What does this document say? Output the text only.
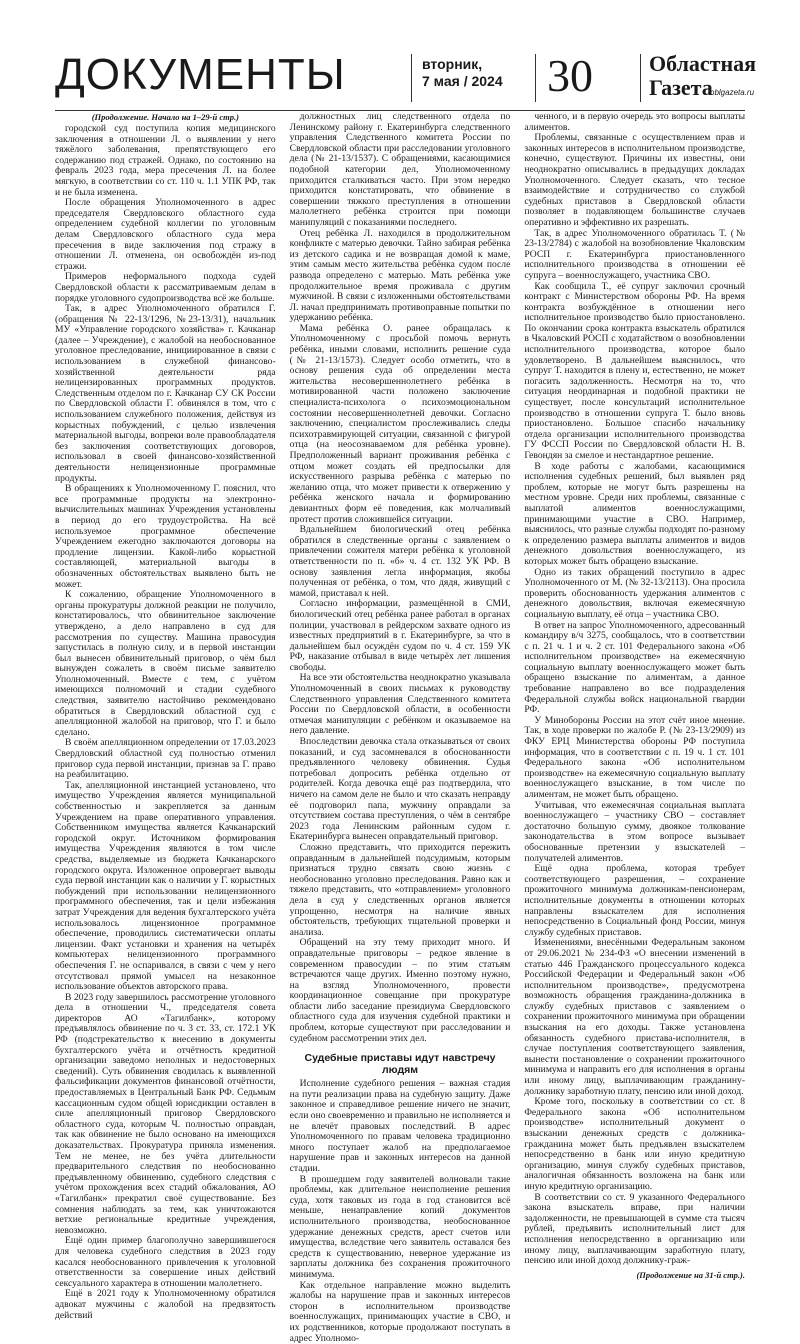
ДОКУМЕНТЫ	вторник,
7 мая / 2024 30	Областная
Газета
oblgazeta.ru
(Продолжение. Начало на 1–29-й стр.)

городской суд поступила копия медицинского заключения в отношении Л. о выявлении у него тяжёлого заболевания, препятствующего его содержанию под стражей. Однако, по состоянию на февраль 2023 года, мера пресечения Л. на более мягкую, в соответствии со ст. 110 ч. 1.1 УПК РФ, так и не была изменена.

После обращения Уполномоченного в адрес председателя Свердловского областного суда определением судебной коллегии по уголовным делам Свердловского областного суда мера пресечения в виде заключения под стражу в отношении Л. отменена, он освобождён из-под стражи.

Примеров неформального подхода судей Свердловской области к рассматриваемым делам в порядке уголовного судопроизводства всё же больше.

Так, в адрес Уполномоченного обратился Г. (обращения № 22-13/1296, №23-13/31), начальник МУ «Управление городского хозяйства» г. Качканар (далее – Учреждение), с жалобой на необоснованное уголовное преследование, инициированное в связи с использованием в служебной финансово-хозяйственной деятельности ряда нелицензированных программных продуктов. Следственным отделом по г. Качканар СУ СК России по Свердловской области Г. обвинялся в том, что с использованием служебного положения, действуя из корыстных побуждений, с целью извлечения материальной выгоды, вопреки воле правообладателя без заключения соответствующих договоров, использовал в своей финансово-хозяйственной деятельности нелицензионные программные продукты.

В обращениях к Уполномоченному Г. пояснил, что все программные продукты на электронно-вычислительных машинах Учреждения установлены в период до его трудоустройства. На всё используемое программное обеспечение Учреждением ежегодно заключаются договоры на продление лицензии. Какой-либо корыстной составляющей, материальной выгоды в обозначенных обстоятельствах выявлено быть не может.

К сожалению, обращение Уполномоченного в органы прокуратуры должной реакции не получило, констатировалось, что обвинительное заключение утверждено, а дело направлено в суд для рассмотрения по существу. Машина правосудия запустилась в полную силу, и в первой инстанции был вынесен обвинительный приговор, о чём был вынужден сожалеть в своём письме заявителю Уполномоченный. Вместе с тем, с учётом имеющихся полномочий и стадии судебного следствия, заявителю настойчиво рекомендовано обратиться в Свердловский областной суд с апелляционной жалобой на приговор, что Г. и было сделано.

В своём апелляционном определении от 17.03.2023 Свердловский областной суд полностью отменил приговор суда первой инстанции, признав за Г. право на реабилитацию.

Так, апелляционной инстанцией установлено, что имущество Учреждения является муниципальной собственностью и закрепляется за данным Учреждением на праве оперативного управления. Собственником имущества является Качканарский городской округ. Источником формирования имущества Учреждения являются в том числе средства, выделяемые из бюджета Качканарского городского округа. Изложенное опровергает выводы суда первой инстанции как о наличии у Г. корыстных побуждений при использовании нелицензионного программного обеспечения, так и цели избежания затрат Учреждения для ведения бухгалтерского учёта использовалось лицензионное программное обеспечение, проводились систематически оплаты лицензии. Факт установки и хранения на четырёх компьютерах нелицензионного программного обеспечения Г. не оспаривался, в связи с чем у него отсутствовал прямой умысел на незаконное использование объектов авторского права.

В 2023 году завершилось рассмотрение уголовного дела в отношении Ч., председателя совета директоров АО «Тагилбанк», которому предъявлялось обвинение по ч. 3 ст. 33, ст. 172.1 УК РФ (подстрекательство к внесению в документы бухгалтерского учёта и отчётность кредитной организации заведомо неполных и недостоверных сведений). Суть обвинения сводилась к выявленной фальсификации документов финансовой отчётности, предоставляемых в Центральный Банк РФ. Седьмым кассационным судом общей юрисдикции оставлен в силе апелляционный приговор Свердловского областного суда, которым Ч. полностью оправдан, так как обвинение не было основано на имеющихся доказательствах. Прокуратура приняла изменения. Тем не менее, не без учёта длительности предварительного следствия по необоснованно предъявленному обвинению, судебного следствия с учётом прохождения всех стадий обжалования, АО «Тагилбанк» прекратил своё существование. Без сомнения наблюдать за тем, как уничтожаются ветхие региональные кредитные учреждения, невозможно.

Ещё один пример благополучно завершившегося для человека судебного следствия в 2023 году касался необоснованного привлечения к уголовной ответственности за совершение иных действий сексуального характера в отношении малолетнего.

Ещё в 2021 году к Уполномоченному обратился адвокат мужчины с жалобой на предвзятость действий

должностных лиц следственного отдела по Ленинскому району г. Екатеринбурга следственного управления Следственного комитета России по Свердловской области при расследовании уголовного дела (№ 21-13/1537). С обращениями, касающимися подобной категории дел, Уполномоченному приходится сталкиваться часто. При этом нередко приходится констатировать, что обвинение в совершении тяжкого преступления в отношении малолетнего ребёнка строится при помощи манипуляций с показаниями последнего.

Отец ребёнка Л. находился в продолжительном конфликте с матерью девочки. Тайно забирая ребёнка из детского садика и не возвращая домой к маме, этим самым место жительства ребёнка судом после развода определено с матерью. Мать ребёнка уже продолжительное время проживала с другим мужчиной. В связи с изложенными обстоятельствами Л. начал предпринимать противоправные попытки по удержанию ребёнка.

Мама ребёнка О. ранее обращалась к Уполномоченному с просьбой помочь вернуть ребёнка, иными словами, исполнить решение суда (№ 21-13/1573). Следует особо отметить, что в основу решения суда об определении места жительства несовершеннолетнего ребёнка в мотивированной части положено заключение специалиста-психолога о психоэмоциональном состоянии несовершеннолетней девочки. Согласно заключению, специалистом прослеживались следы психотравмирующей ситуации, связанной с фигурой отца (на неосознаваемом для ребёнка уровне). Предположенный вариант проживания ребёнка с отцом может создать ей предпосылки для искусственного разрыва ребёнка с матерью по желанию отца, что может привести к отвержению у ребёнка женского начала и формированию девиантных форм её поведения, как молчаливый протест против сложившейся ситуации.

Вдальнейшем биологический отец ребёнка обратился в следственные органы с заявлением о привлечении сожителя матери ребёнка к уголовной ответственности по п. «б» ч. 4 ст. 132 УК РФ. В основу заявления легла информация, якобы полученная от ребёнка, о том, что дядя, живущий с мамой, приставал к ней.

Согласно информации, размещённой в СМИ, биологический отец ребёнка ранее работал в органах полиции, участвовал в рейдерском захвате одного из известных предприятий в г. Екатеринбурге, за что в дальнейшем был осуждён судом по ч. 4 ст. 159 УК РФ, наказание отбывал в виде четырёх лет лишения свободы.

На все эти обстоятельства неоднократно указывала Уполномоченный в своих письмах к руководству Следственного управления Следственного комитета России по Свердловской области, в особенности отмечая манипуляции с ребёнком и оказываемое на него давление.

Впоследствии девочка стала отказываться от своих показаний, и суд засомневался в обоснованности предъявленного человеку обвинения. Судья потребовал допросить ребёнка отдельно от родителей. Когда девочка ещё раз подтвердила, что ничего на самом деле не было и что сказать неправду её подговорил папа, мужчину оправдали за отсутствием состава преступления, о чём в сентябре 2023 года Ленинским районным судом г. Екатеринбурга вынесен оправдательный приговор.

Сложно представить, что приходится пережить оправданным в дальнейшей подсудимым, которым признаться трудно связать свою жизнь с необоснованно уголовно преследования. Равно как и тяжело представить, что «отправлением» уголовного дела в суд у следственных органов является упрощенно, несмотря на наличие явных обстоятельств, требующих тщательной проверки и анализа.

Обращений на эту тему приходит много. И оправдательные приговоры – редкое явление в современном правосудии – по этим статьям встречаются чаще других. Именно поэтому нужно, на взгляд Уполномоченного, провести координационное совещание при прокуратуре области либо заседание президиума Свердловского областного суда для изучения судебной практики и проблем, которые существуют при расследовании и судебном рассмотрении этих дел.

Судебные приставы идут навстречу людям

Исполнение судебного решения – важная стадия на пути реализации права на судебную защиту. Даже законное и справедливое решение ничего не значит, если оно своевременно и правильно не исполняется и не влечёт правовых последствий. В адрес Уполномоченного по правам человека традиционно много поступает жалоб на предполагаемое нарушение прав и законных интересов на данной стадии.

В прошедшем году заявителей волновали такие проблемы, как длительное неисполнение решения суда, хотя таковых из года в год становится всё меньше, ненаправление копий документов исполнительного производства, необоснованное удержание денежных средств, арест счетов или имущества, вследствие чего заявитель оставался без средств к существованию, неверное удержание из зарплаты должника без сохранения прожиточного минимума.

Как отдельное направление можно выделить жалобы на нарушение прав и законных интересов сторон в исполнительном производстве военнослужащих, принимающих участие в СВО, и их родственников, которые продолжают поступать в адрес Уполномо-

ченного, и в первую очередь это вопросы выплаты алиментов.

Проблемы, связанные с осуществлением прав и законных интересов в исполнительном производстве, конечно, существуют. Причины их известны, они неоднократно описывались в предыдущих докладах Уполномоченного. Следует сказать, что тесное взаимодействие и сотрудничество со службой судебных приставов в Свердловской области позволяет в подавляющем большинстве случаев оперативно и эффективно их разрешать.

Так, в адрес Уполномоченного обратилась Т. (№ 23-13/2784) с жалобой на возобновление Чкаловским РОСП г. Екатеринбурга приостановленного исполнительного производства в отношении её супруга – военнослужащего, участника СВО.

Как сообщила Т., её супруг заключил срочный контракт с Министерством обороны РФ. На время контракта возбуждённое в отношении него исполнительное производство было приостановлено. По окончании срока контракта взыскатель обратился в Чкаловский РОСП с ходатайством о возобновлении исполнительного производства, которое было удовлетворено. В дальнейшем выяснилось, что супруг Т. находится в плену и, естественно, не может погасить задолженность. Несмотря на то, что ситуация неординарная и подобной практики не существует, после консультаций исполнительное производство в отношении супруга Т. было вновь приостановлено. Большое спасибо начальнику отдела организации исполнительного производства ГУ ФССП России по Свердловской области Н. В. Гевондян за смелое и нестандартное решение.

В ходе работы с жалобами, касающимися исполнения судебных решений, был выявлен ряд проблем, которые не могут быть разрешены на местном уровне. Среди них проблемы, связанные с выплатой алиментов военнослужащими, принимающими участие в СВО. Например, выяснилось, что разные службы подходят по-разному к определению размера выплаты алиментов и видов денежного довольствия военнослужащего, из которых может быть обращено взыскание.

Одно из таких обращений поступило в адрес Уполномоченного от М. (№ 32-13/2113). Она просила проверить обоснованность удержания алиментов с денежного довольствия, включая ежемесячную социальную выплату, её отца – участника СВО.

В ответ на запрос Уполномоченного, адресованный командиру в/ч 3275, сообщалось, что в соответствии с п. 21 ч. 1 и ч. 2 ст. 101 Федерального закона «Об исполнительном производстве» на ежемесячную социальную выплату военнослужащего может быть обращено взыскание по алиментам, а данное требование направлено во все подразделения Федеральной службы войск национальной гвардии РФ.

У Минобороны России на этот счёт иное мнение. Так, в ходе проверки по жалобе Р. (№ 23-13/2909) из ФКУ ЕРЦ Министерства обороны РФ поступила информация, что в соответствии с п. 19 ч. 1 ст. 101 Федерального закона «Об исполнительном производстве» на ежемесячную социальную выплату военнослужащего взыскание, в том числе по алиментам, не может быть обращено.

Учитывая, что ежемесячная социальная выплата военнослужащего – участнику СВО – составляет достаточно большую сумму, двоякое толкование законодательства в этом вопросе вызывает обоснованные претензии у взыскателей – получателей алиментов.

Ещё одна проблема, которая требует соответствующего разрешения, – сохранение прожиточного минимума должникам-пенсионерам, исполнительные документы в отношении которых направлены взыскателем для исполнения непосредственно в Социальный фонд России, минуя службу судебных приставов.

Изменениями, внесёнными Федеральным законом от 29.06.2021 № 234-ФЗ «О внесении изменений в статью 446 Гражданского процессуального кодекса Российской Федерации и Федеральный закон «Об исполнительном производстве», предусмотрена возможность обращения гражданина-должника в службу судебных приставов с заявлением о сохранении прожиточного минимума при обращении взыскания на его доходы. Также установлена обязанность судебного пристава-исполнителя, в случае поступления соответствующего заявления, вынести постановление о сохранении прожиточного минимума и направить его для исполнения в органы или иному лицу, выплачивающим гражданину-должнику заработную плату, пенсию или иной доход.

Кроме того, поскольку в соответствии со ст. 8 Федерального закона «Об исполнительном производстве» исполнительный документ о взыскании денежных средств с должника-гражданина может быть предъявлен взыскателем непосредственно в банк или иную кредитную организацию, минуя службу судебных приставов, аналогичная обязанность возложена на банк или иную кредитную организацию.

В соответствии со ст. 9 указанного Федерального закона взыскатель вправе, при наличии задолженности, не превышающей в сумме ста тысяч рублей, предъявить исполнительный лист для исполнения непосредственно в организацию или иному лицу, выплачивающим заработную плату, пенсию или иной доход должнику-граж-

(Продолжение на 31-й стр.).
